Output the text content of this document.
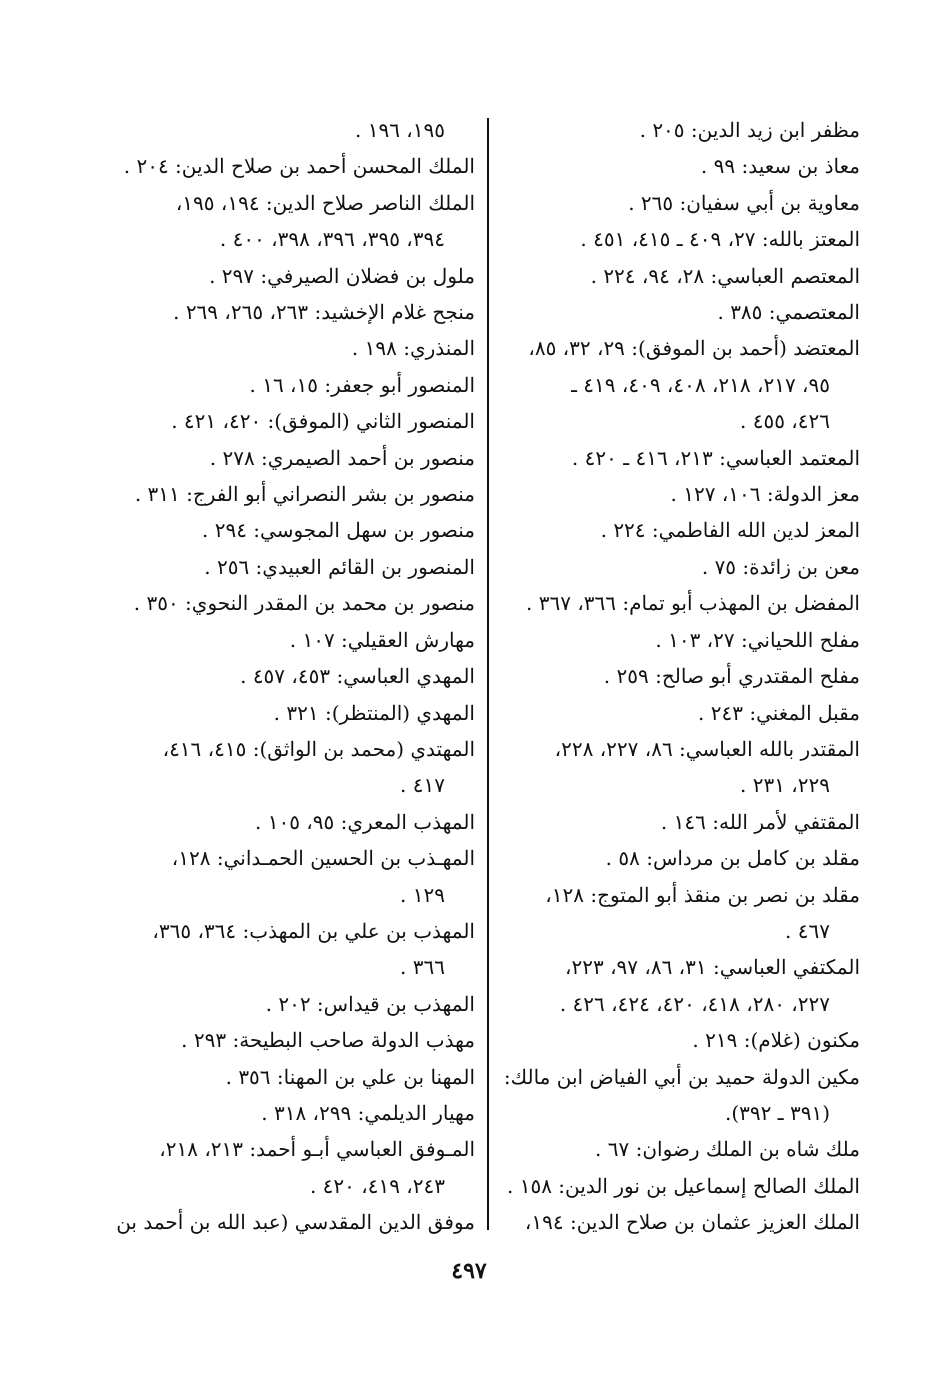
مظفر ابن زيد الدين: ٢٠٥ .
معاذ بن سعيد: ٩٩ .
معاوية بن أبي سفيان: ٢٦٥ .
المعتز بالله: ٢٧، ٤٠٩ ـ ٤١٥، ٤٥١ .
المعتصم العباسي: ٢٨، ٩٤، ٢٢٤ .
المعتصمي: ٣٨٥ .
المعتضد (أحمد بن الموفق): ٢٩، ٣٢، ٨٥،
٩٥، ٢١٧، ٢١٨، ٤٠٨، ٤٠٩، ٤١٩ ـ
٤٢٦، ٤٥٥ .
المعتمد العباسي: ٢١٣، ٤١٦ ـ ٤٢٠ .
معز الدولة: ١٠٦، ١٢٧ .
المعز لدين الله الفاطمي: ٢٢٤ .
معن بن زائدة: ٧٥ .
المفضل بن المهذب أبو تمام: ٣٦٦، ٣٦٧ .
مفلح اللحياني: ٢٧، ١٠٣ .
مفلح المقتدري أبو صالح: ٢٥٩ .
مقبل المغني: ٢٤٣ .
المقتدر بالله العباسي: ٨٦، ٢٢٧، ٢٢٨،
٢٢٩، ٢٣١ .
المقتفي لأمر الله: ١٤٦ .
مقلد بن كامل بن مرداس: ٥٨ .
مقلد بن نصر بن منقذ أبو المتوج: ١٢٨،
٤٦٧ .
المكتفي العباسي: ٣١، ٨٦، ٩٧، ٢٢٣،
٢٢٧، ٢٨٠، ٤١٨، ٤٢٠، ٤٢٤، ٤٢٦ .
مكنون (غلام): ٢١٩ .
مكين الدولة حميد بن أبي الفياض ابن مالك:
(٣٩١ ـ ٣٩٢).
ملك شاه بن الملك رضوان: ٦٧ .
الملك الصالح إسماعيل بن نور الدين: ١٥٨ .
الملك العزيز عثمان بن صلاح الدين: ١٩٤،
١٩٥، ١٩٦ .
الملك المحسن أحمد بن صلاح الدين: ٢٠٤ .
الملك الناصر صلاح الدين: ١٩٤، ١٩٥،
٣٩٤، ٣٩٥، ٣٩٦، ٣٩٨، ٤٠٠ .
ملول بن فضلان الصيرفي: ٢٩٧ .
منجح غلام الإخشيد: ٢٦٣، ٢٦٥، ٢٦٩ .
المنذري: ١٩٨ .
المنصور أبو جعفر: ١٥، ١٦ .
المنصور الثاني (الموفق): ٤٢٠، ٤٢١ .
منصور بن أحمد الصيمري: ٢٧٨ .
منصور بن بشر النصراني أبو الفرج: ٣١١ .
منصور بن سهل المجوسي: ٢٩٤ .
المنصور بن القائم العبيدي: ٢٥٦ .
منصور بن محمد بن المقدر النحوي: ٣٥٠ .
مهارش العقيلي: ١٠٧ .
المهدي العباسي: ٤٥٣، ٤٥٧ .
المهدي (المنتظر): ٣٢١ .
المهتدي (محمد بن الواثق): ٤١٥، ٤١٦،
٤١٧ .
المهذب المعري: ٩٥، ١٠٥ .
المهـذب بن الحسين الحمـداني: ١٢٨،
١٢٩ .
المهذب بن علي بن المهذب: ٣٦٤، ٣٦٥،
٣٦٦ .
المهذب بن قيداس: ٢٠٢ .
مهذب الدولة صاحب البطيحة: ٢٩٣ .
المهنا بن علي بن المهنا: ٣٥٦ .
مهيار الديلمي: ٢٩٩، ٣١٨ .
المـوفق العباسي أبـو أحمد: ٢١٣، ٢١٨،
٢٤٣، ٤١٩، ٤٢٠ .
موفق الدين المقدسي (عبد الله بن أحمد بن
٤٩٧
